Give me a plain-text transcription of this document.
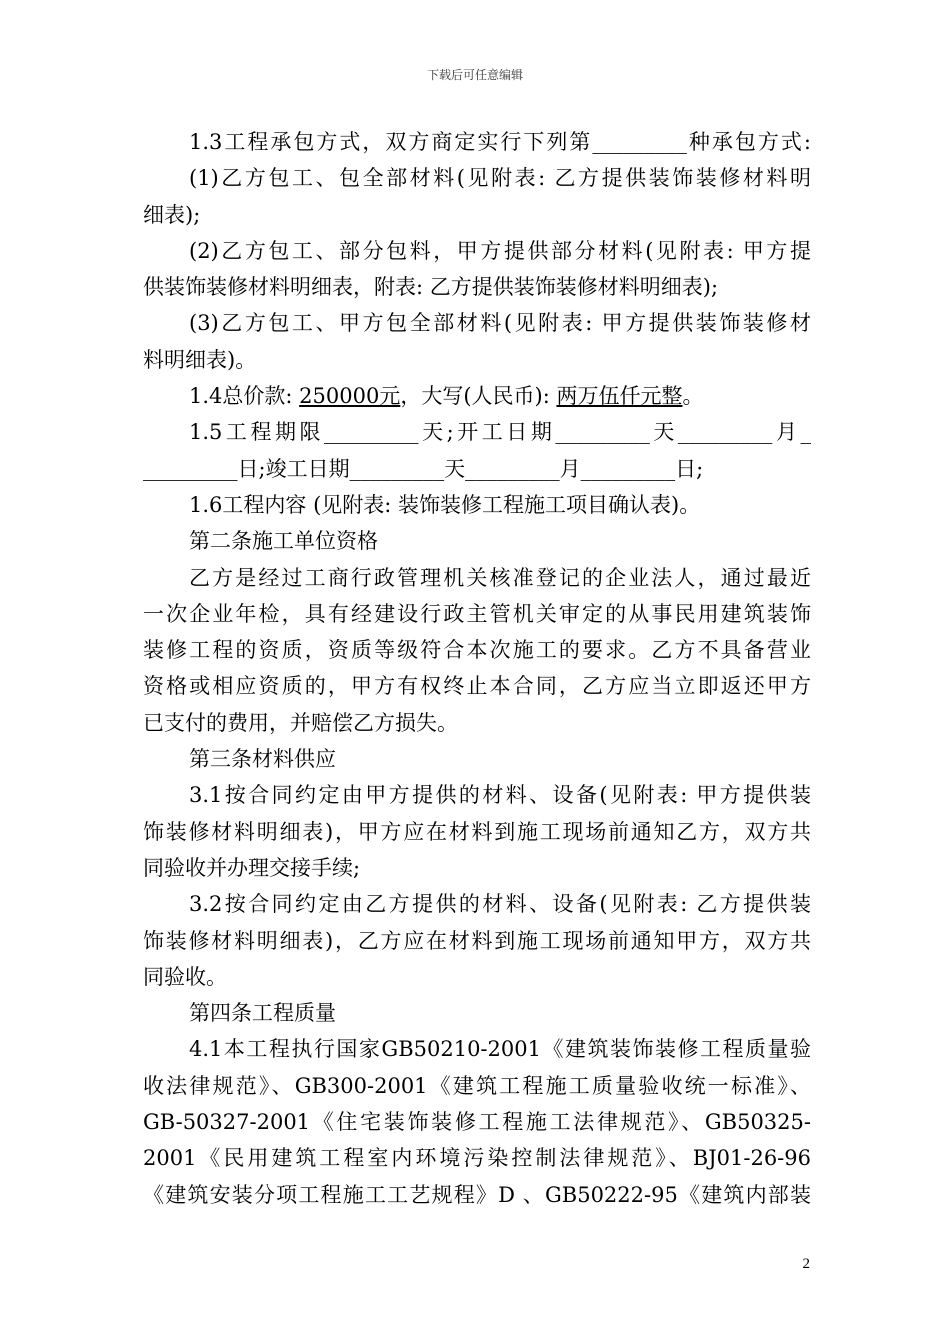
下载后可任意编辑
1.3工程承包方式，双方商定实行下列第_________种承包方式:
(1)乙方包工、包全部材料(见附表: 乙方提供装饰装修材料明
细表);
(2)乙方包工、部分包料，甲方提供部分材料(见附表: 甲方提
供装饰装修材料明细表，附表: 乙方提供装饰装修材料明细表);
(3)乙方包工、甲方包全部材料(见附表: 甲方提供装饰装修材
料明细表)。
1.4总价款: 250000元，大写(人民币): 两万伍仟元整。
1.5工程期限_________天;开工日期_________天_________月_
_________日;竣工日期_________天_________月_________日;
1.6工程内容 (见附表: 装饰装修工程施工项目确认表)。
第二条施工单位资格
乙方是经过工商行政管理机关核准登记的企业法人，通过最近
一次企业年检，具有经建设行政主管机关审定的从事民用建筑装饰
装修工程的资质，资质等级符合本次施工的要求。乙方不具备营业
资格或相应资质的，甲方有权终止本合同，乙方应当立即返还甲方
已支付的费用，并赔偿乙方损失。
第三条材料供应
3.1按合同约定由甲方提供的材料、设备(见附表: 甲方提供装
饰装修材料明细表)，甲方应在材料到施工现场前通知乙方，双方共
同验收并办理交接手续;
3.2按合同约定由乙方提供的材料、设备(见附表: 乙方提供装
饰装修材料明细表)，乙方应在材料到施工现场前通知甲方，双方共
同验收。
第四条工程质量
4.1本工程执行国家GB50210-2001《建筑装饰装修工程质量验
收法律规范》、GB300-2001《建筑工程施工质量验收统一标准》、
GB-50327-2001《住宅装饰装修工程施工法律规范》、GB50325-
2001《民用建筑工程室内环境污染控制法律规范》、BJ01-26-96
《建筑安装分项工程施工工艺规程》D 、GB50222-95《建筑内部装
2
